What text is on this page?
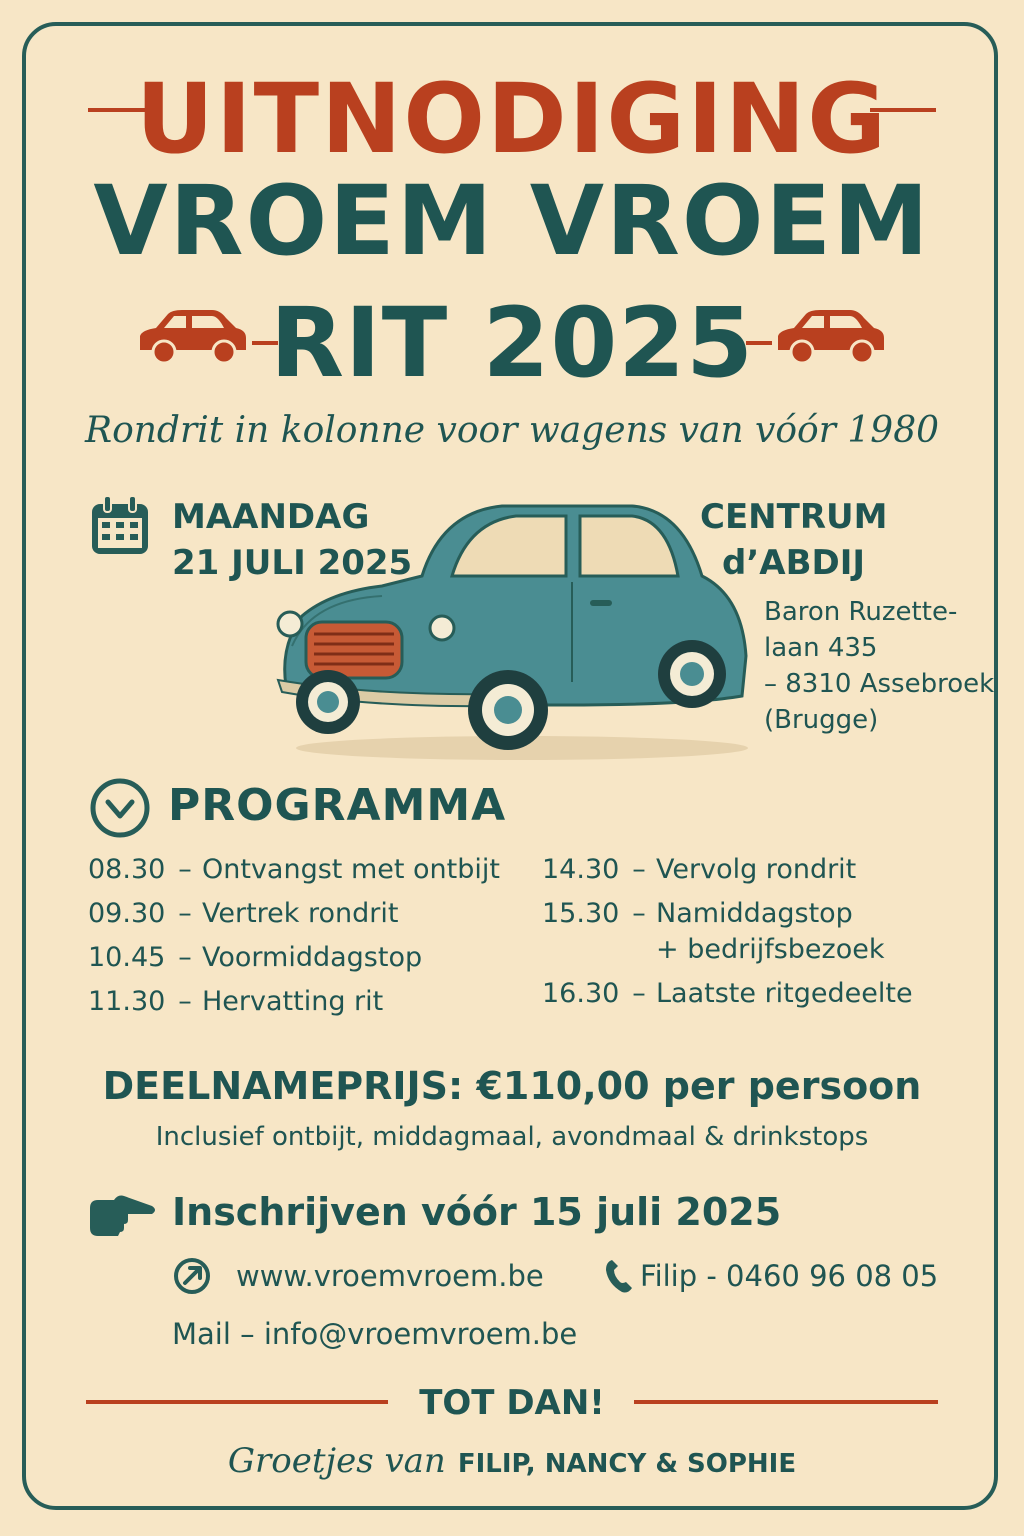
UITNODIGING
VROEM VROEM
RIT 2025

Rondrit in kolonne voor wagens van vóór 1980

MAANDAG
21 JULI 2025
CENTRUM
d’ABDIJ
Baron Ruzette-
laan 435
– 8310 Assebroek
(Brugge)
PROGRAMMA
08.30 – Ontvangst met ontbijt
09.30 – Vertrek rondrit
10.45 – Voormiddagstop
11.30 – Hervatting rit
14.30 – Vervolg rondrit
15.30 – Namiddagstop
+ bedrijfsbezoek
16.30 – Laatste ritgedeelte
DEELNAMEPRIJS: €110,00 per persoon
Inclusief ontbijt, middagmaal, avondmaal & drinkstops
Inschrijven vóór 15 juli 2025
www.vroemvroem.be	Filip - 0460 96 08 05
Mail – info@vroemvroem.be
TOT DAN!
Groetjes van FILIP, NANCY & SOPHIE
